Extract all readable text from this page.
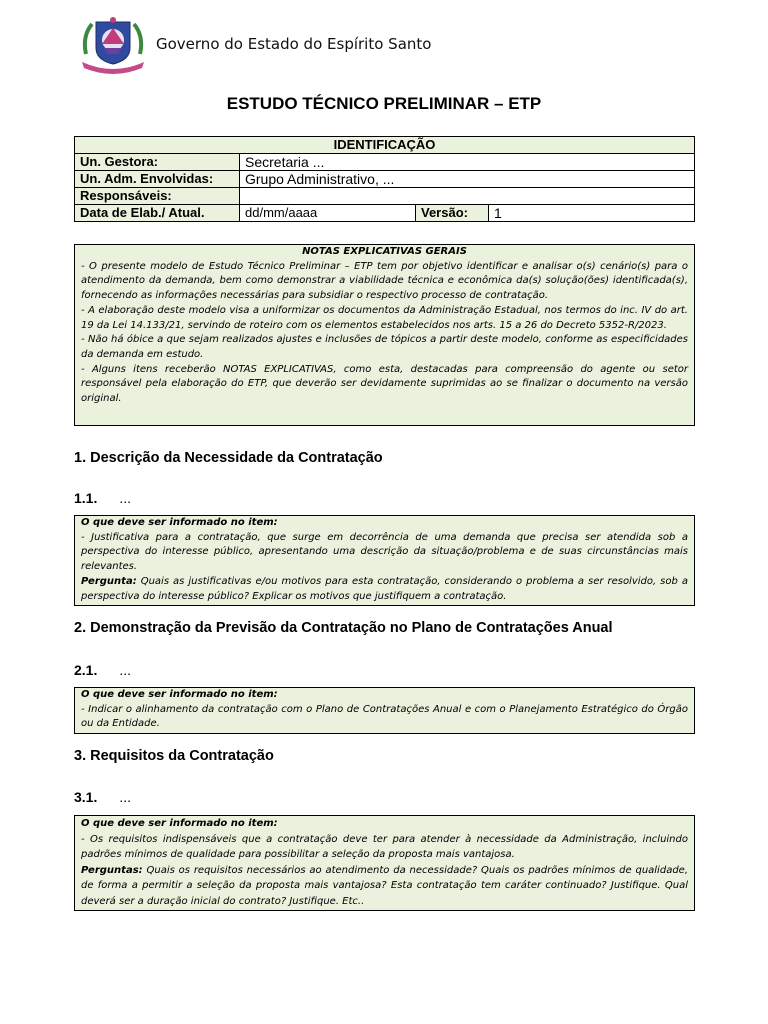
Governo do Estado do Espírito Santo
ESTUDO TÉCNICO PRELIMINAR – ETP
IDENTIFICAÇÃO			
Un. Gestora:	Secretaria ...		
Un. Adm. Envolvidas:	Grupo Administrativo, ...		
Responsáveis:			
Data de Elab./ Atual.	dd/mm/aaaa	Versão:	1

NOTAS EXPLICATIVAS GERAIS

- O presente modelo de Estudo Técnico Preliminar – ETP tem por objetivo identificar e analisar o(s) cenário(s) para o atendimento da demanda, bem como demonstrar a viabilidade técnica e econômica da(s) solução(ões) identificada(s), fornecendo as informações necessárias para subsidiar o respectivo processo de contratação.

- A elaboração deste modelo visa a uniformizar os documentos da Administração Estadual, nos termos do inc. IV do art. 19 da Lei 14.133/21, servindo de roteiro com os elementos estabelecidos nos arts. 15 a 26 do Decreto 5352-R/2023.

- Não há óbice a que sejam realizados ajustes e inclusões de tópicos a partir deste modelo, conforme as especificidades da demanda em estudo.

- Alguns itens receberão NOTAS EXPLICATIVAS, como esta, destacadas para compreensão do agente ou setor responsável pela elaboração do ETP, que deverão ser devidamente suprimidas ao se finalizar o documento na versão original.

1. Descrição da Necessidade da Contratação
1.1. ...

O que deve ser informado no item:

- Justificativa para a contratação, que surge em decorrência de uma demanda que precisa ser atendida sob a perspectiva do interesse público, apresentando uma descrição da situação/problema e de suas circunstâncias mais relevantes.

Pergunta: Quais as justificativas e/ou motivos para esta contratação, considerando o problema a ser resolvido, sob a perspectiva do interesse público? Explicar os motivos que justifiquem a contratação.

2. Demonstração da Previsão da Contratação no Plano de Contratações Anual
2.1. ...

O que deve ser informado no item:

- Indicar o alinhamento da contratação com o Plano de Contratações Anual e com o Planejamento Estratégico do Órgão ou da Entidade.

3. Requisitos da Contratação
3.1. ...

O que deve ser informado no item:

- Os requisitos indispensáveis que a contratação deve ter para atender à necessidade da Administração, incluindo padrões mínimos de qualidade para possibilitar a seleção da proposta mais vantajosa.

Perguntas: Quais os requisitos necessários ao atendimento da necessidade? Quais os padrões mínimos de qualidade, de forma a permitir a seleção da proposta mais vantajosa? Esta contratação tem caráter continuado? Justifique. Qual deverá ser a duração inicial do contrato? Justifique. Etc..
